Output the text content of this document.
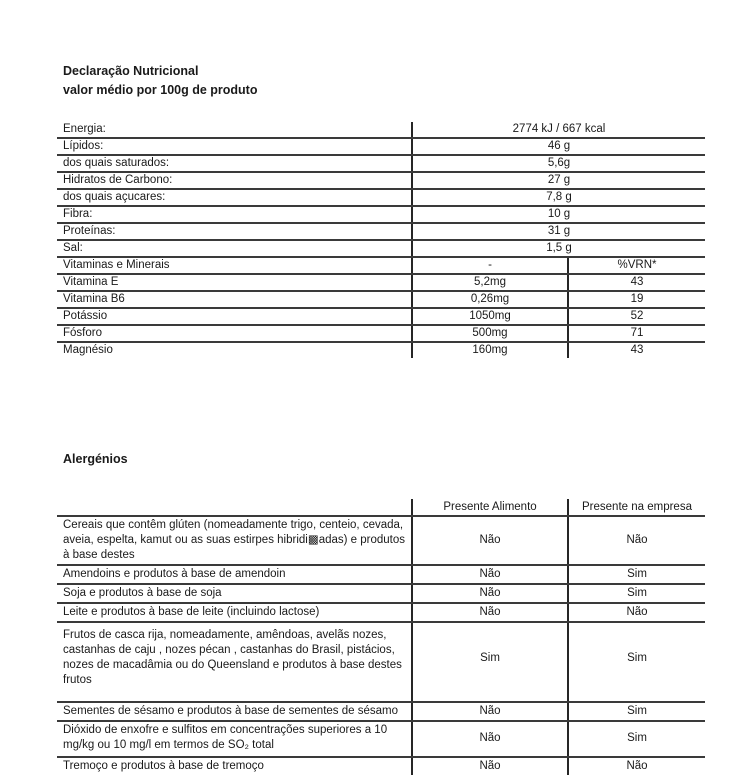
Declaração Nutricional

valor médio por 100g de produto

Energia:	2774 kJ / 667 kcal	
Lípidos:	46 g	
dos quais saturados:	5,6g	
Hidratos de Carbono:	27 g	
dos quais açucares:	7,8 g	
Fibra:	10 g	
Proteínas:	31 g	
Sal:	1,5 g	
Vitaminas e Minerais	-	%VRN*
Vitamina E	5,2mg	43
Vitamina B6	0,26mg	19
Potássio	1050mg	52
Fósforo	500mg	71
Magnésio	160mg	43

Alergénios

	Presente Alimento	Presente na empresa
Cereais que contêm glúten (nomeadamente trigo, centeio, cevada, aveia, espelta, kamut ou as suas estirpes hibridi▩adas) e produtos à base destes	Não	Não
Amendoins e produtos à base de amendoin	Não	Sim
Soja e produtos à base de soja	Não	Sim
Leite e produtos à base de leite (incluindo lactose)	Não	Não
Frutos de casca rija, nomeadamente, amêndoas, avelãs nozes, castanhas de caju , nozes pécan , castanhas do Brasil, pistácios, nozes de macadâmia ou do Queensland e produtos à base destes frutos	Sim	Sim
Sementes de sésamo e produtos à base de sementes de sésamo	Não	Sim
Dióxido de enxofre e sulfitos em concentrações superiores a 10 mg/kg ou 10 mg/l em termos de SO₂ total	Não	Sim
Tremoço e produtos à base de tremoço	Não	Não
